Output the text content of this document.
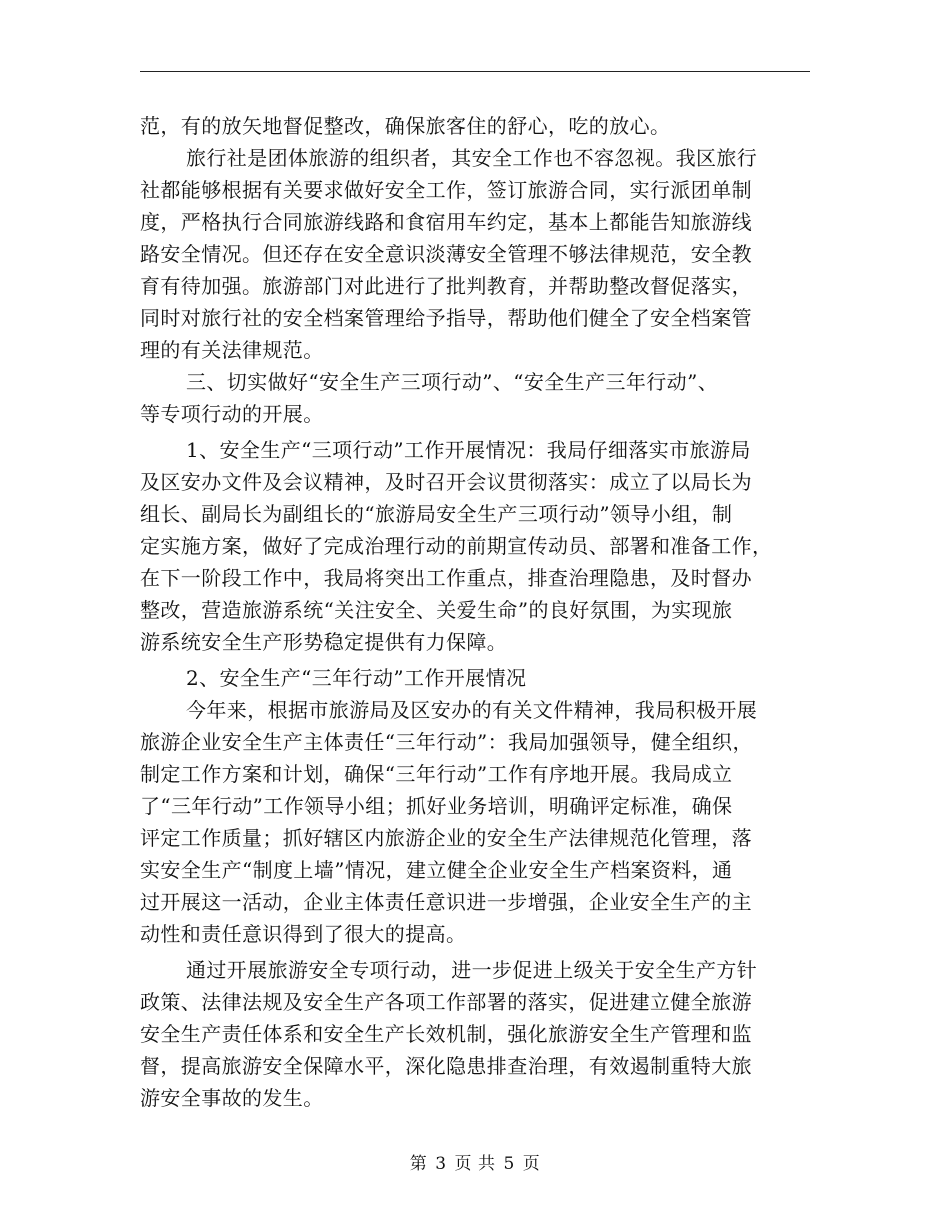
范，有的放矢地督促整改，确保旅客住的舒心，吃的放心。
旅行社是团体旅游的组织者，其安全工作也不容忽视。我区旅行
社都能够根据有关要求做好安全工作，签订旅游合同，实行派团单制
度，严格执行合同旅游线路和食宿用车约定，基本上都能告知旅游线
路安全情况。但还存在安全意识淡薄安全管理不够法律规范，安全教
育有待加强。旅游部门对此进行了批判教育，并帮助整改督促落实，
同时对旅行社的安全档案管理给予指导，帮助他们健全了安全档案管
理的有关法律规范。
三、切实做好“安全生产三项行动”、“安全生产三年行动”、
等专项行动的开展。
1、安全生产“三项行动”工作开展情况：我局仔细落实市旅游局
及区安办文件及会议精神，及时召开会议贯彻落实：成立了以局长为
组长、副局长为副组长的“旅游局安全生产三项行动”领导小组，制
定实施方案，做好了完成治理行动的前期宣传动员、部署和准备工作，
在下一阶段工作中，我局将突出工作重点，排查治理隐患，及时督办
整改，营造旅游系统“关注安全、关爱生命”的良好氛围，为实现旅
游系统安全生产形势稳定提供有力保障。
2、安全生产“三年行动”工作开展情况
今年来，根据市旅游局及区安办的有关文件精神，我局积极开展
旅游企业安全生产主体责任“三年行动”：我局加强领导，健全组织，
制定工作方案和计划，确保“三年行动”工作有序地开展。我局成立
了“三年行动”工作领导小组；抓好业务培训，明确评定标准，确保
评定工作质量；抓好辖区内旅游企业的安全生产法律规范化管理，落
实安全生产“制度上墙”情况，建立健全企业安全生产档案资料，通
过开展这一活动，企业主体责任意识进一步增强，企业安全生产的主
动性和责任意识得到了很大的提高。
通过开展旅游安全专项行动，进一步促进上级关于安全生产方针
政策、法律法规及安全生产各项工作部署的落实，促进建立健全旅游
安全生产责任体系和安全生产长效机制，强化旅游安全生产管理和监
督，提高旅游安全保障水平，深化隐患排查治理，有效遏制重特大旅
游安全事故的发生。
第 3 页 共 5 页
